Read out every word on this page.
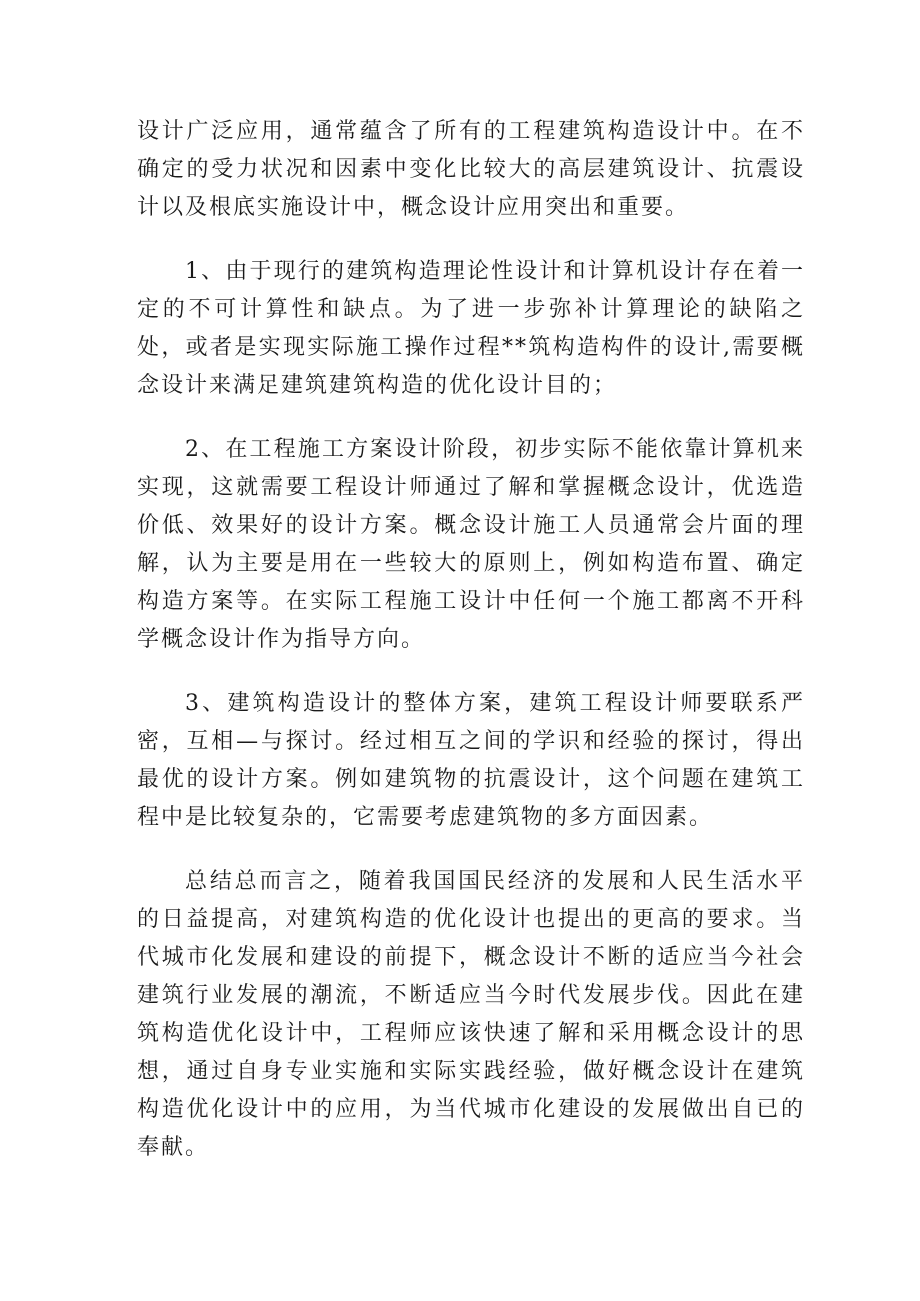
设计广泛应用，通常蕴含了所有的工程建筑构造设计中。在不确定的受力状况和因素中变化比较大的高层建筑设计、抗震设计以及根底实施设计中，概念设计应用突出和重要。

1、由于现行的建筑构造理论性设计和计算机设计存在着一定的不可计算性和缺点。为了进一步弥补计算理论的缺陷之处，或者是实现实际施工操作过程**筑构造构件的设计,需要概念设计来满足建筑建筑构造的优化设计目的；

2、在工程施工方案设计阶段，初步实际不能依靠计算机来实现，这就需要工程设计师通过了解和掌握概念设计，优选造价低、效果好的设计方案。概念设计施工人员通常会片面的理解，认为主要是用在一些较大的原则上，例如构造布置、确定构造方案等。在实际工程施工设计中任何一个施工都离不开科学概念设计作为指导方向。

3、建筑构造设计的整体方案，建筑工程设计师要联系严密，互相—与探讨。经过相互之间的学识和经验的探讨，得出最优的设计方案。例如建筑物的抗震设计，这个问题在建筑工程中是比较复杂的，它需要考虑建筑物的多方面因素。

总结总而言之，随着我国国民经济的发展和人民生活水平的日益提高，对建筑构造的优化设计也提出的更高的要求。当代城市化发展和建设的前提下，概念设计不断的适应当今社会建筑行业发展的潮流，不断适应当今时代发展步伐。因此在建筑构造优化设计中，工程师应该快速了解和采用概念设计的思想，通过自身专业实施和实际实践经验，做好概念设计在建筑构造优化设计中的应用，为当代城市化建设的发展做出自已的奉献。
